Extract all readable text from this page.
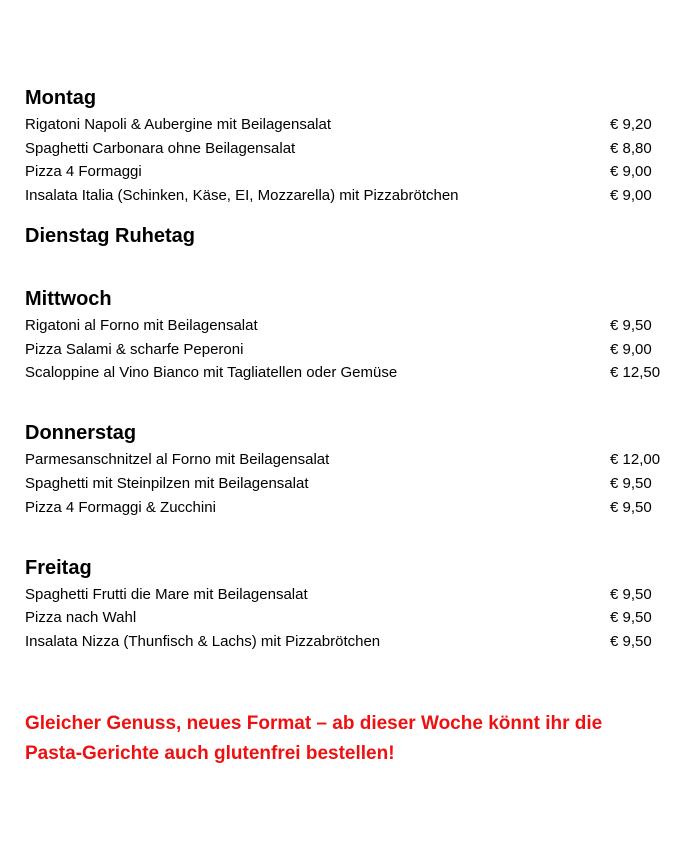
Montag
Rigatoni Napoli & Aubergine mit Beilagensalat	€ 9,20
Spaghetti Carbonara ohne Beilagensalat	€ 8,80
Pizza 4 Formaggi	€ 9,00
Insalata Italia (Schinken, Käse, EI, Mozzarella) mit Pizzabrötchen	€ 9,00
Dienstag Ruhetag
Mittwoch
Rigatoni al Forno mit Beilagensalat	€ 9,50
Pizza Salami & scharfe Peperoni	€ 9,00
Scaloppine al Vino Bianco mit Tagliatellen oder Gemüse	€ 12,50
Donnerstag
Parmesanschnitzel al Forno mit Beilagensalat	€ 12,00
Spaghetti mit Steinpilzen mit Beilagensalat	€ 9,50
Pizza 4 Formaggi & Zucchini	€ 9,50
Freitag
Spaghetti Frutti die Mare mit Beilagensalat	€ 9,50
Pizza nach Wahl	€ 9,50
Insalata Nizza (Thunfisch & Lachs) mit Pizzabrötchen	€ 9,50

Gleicher Genuss, neues Format – ab dieser Woche könnt ihr die
Pasta-Gerichte auch glutenfrei bestellen!
